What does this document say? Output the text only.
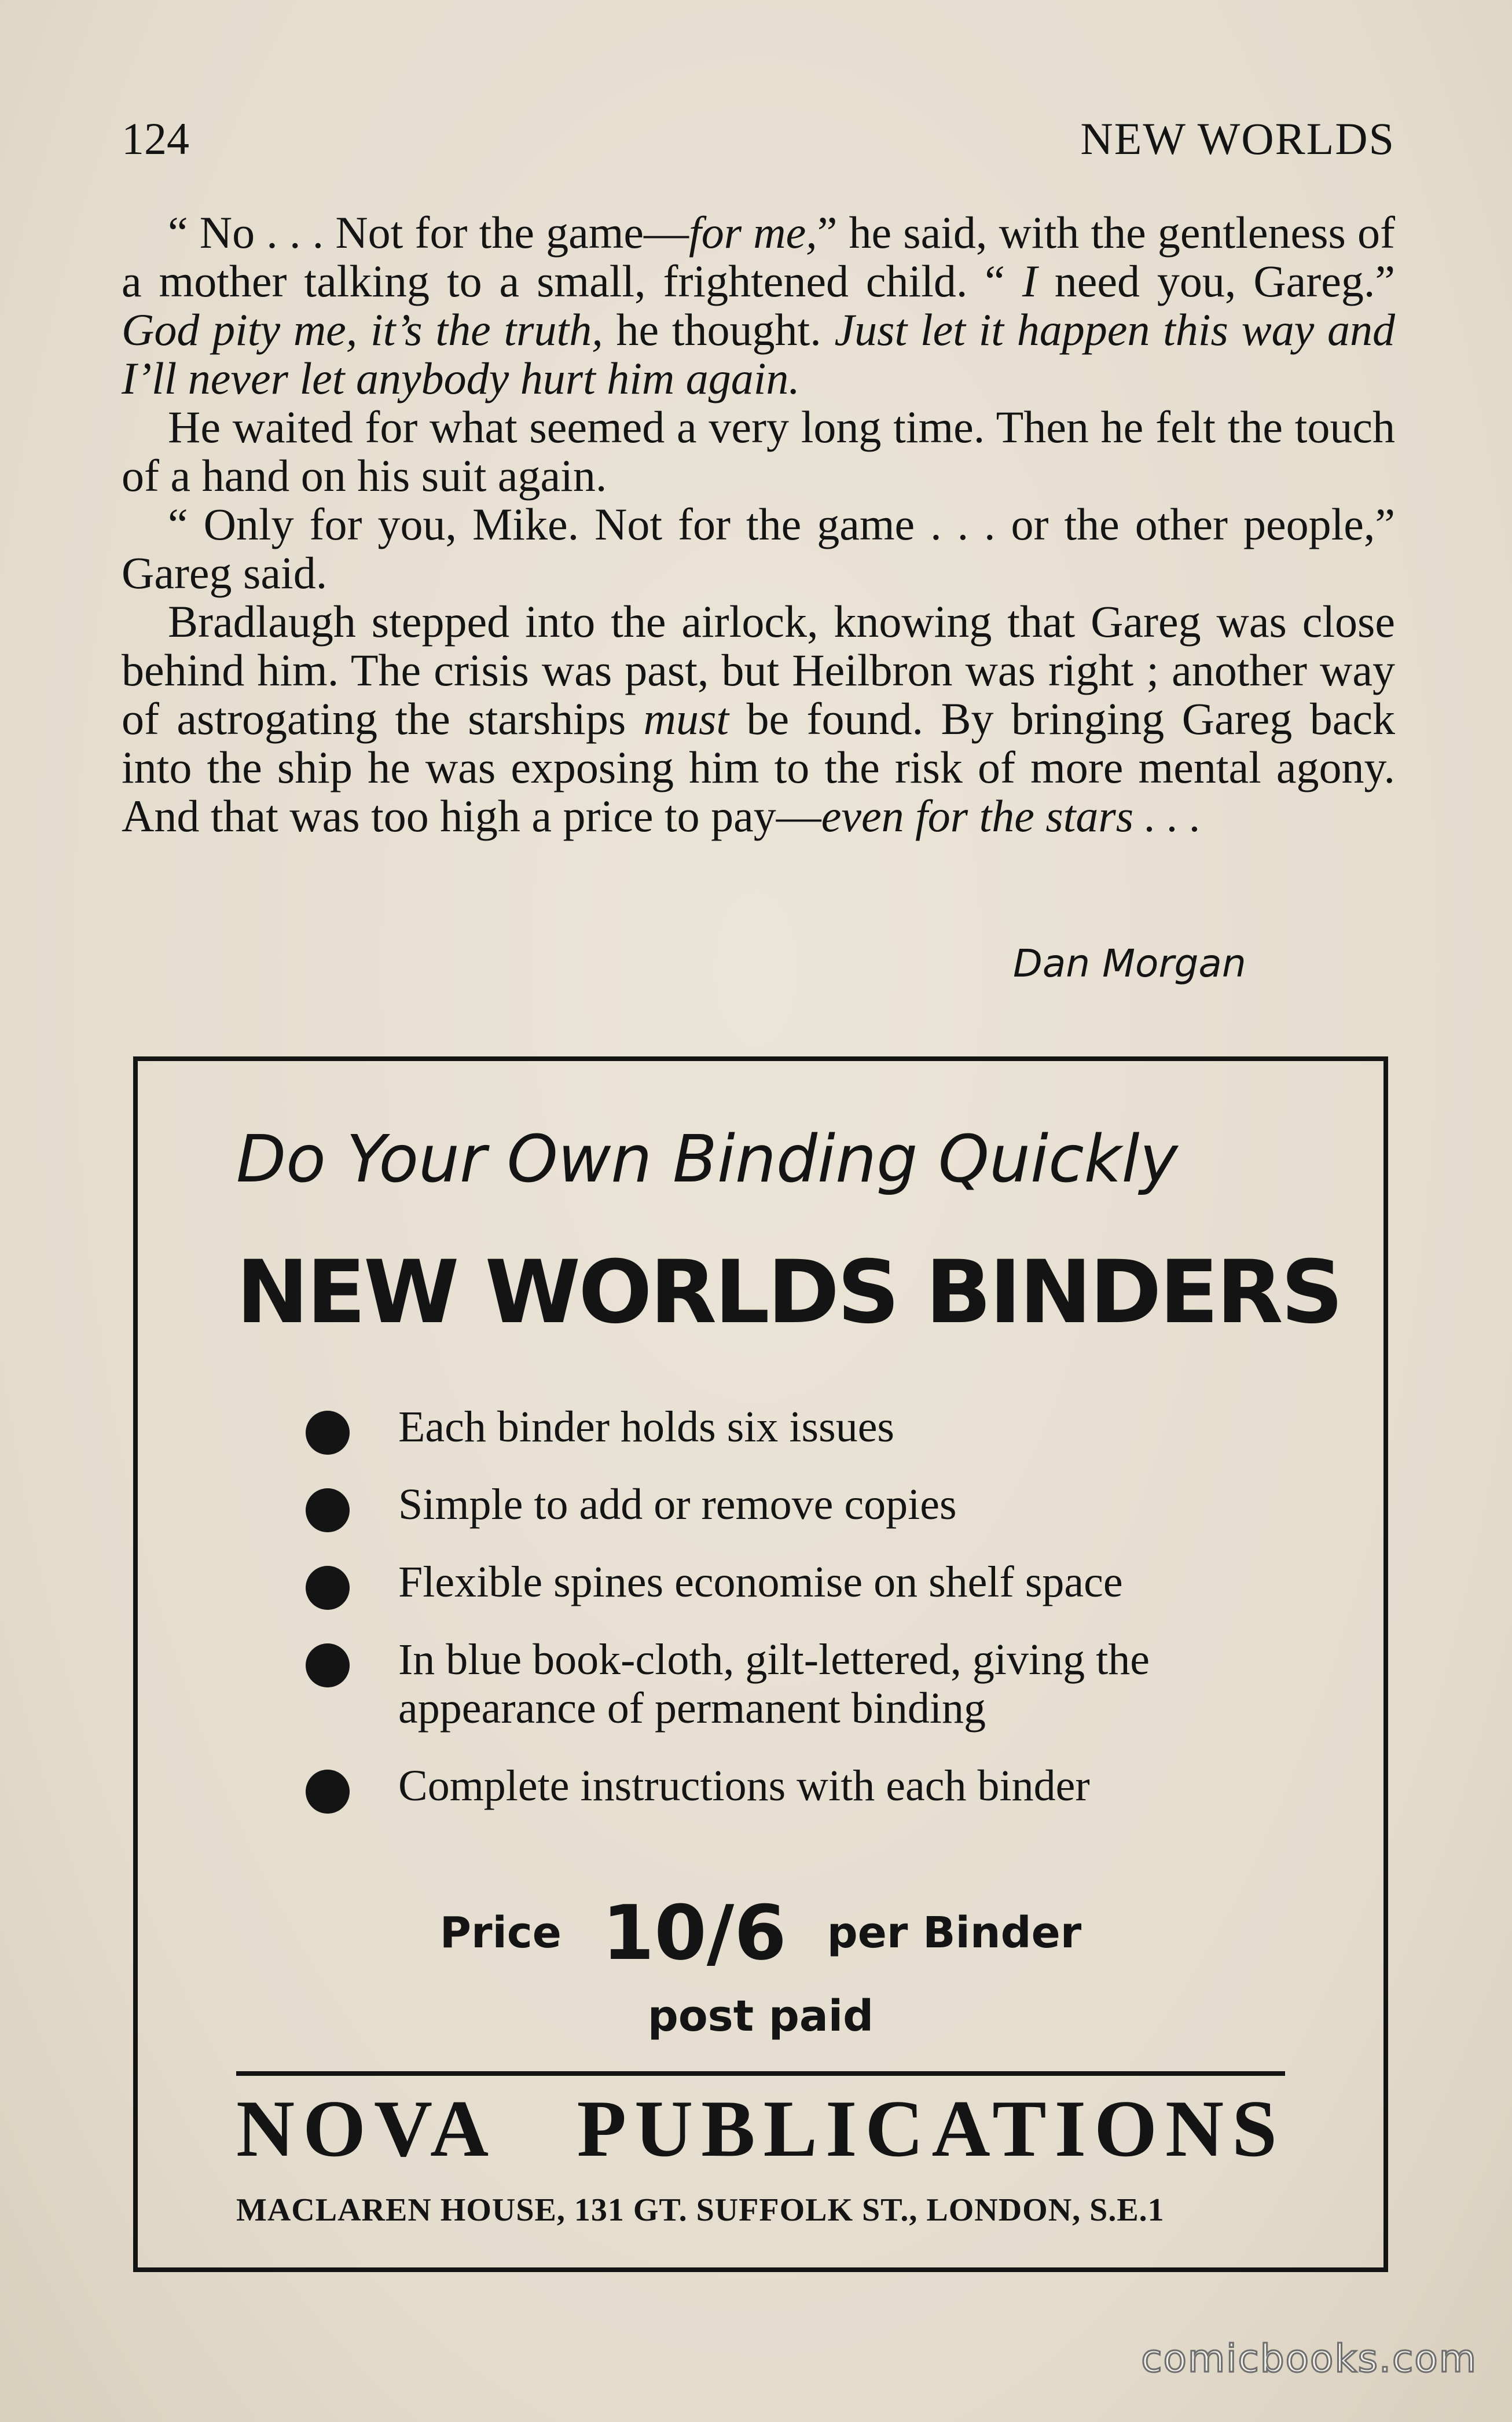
124	NEW WORLDS

“ No . . . Not for the game—for me,” he said, with the gentleness of a mother talking to a small, frightened child. “ I need you, Gareg.” God pity me, it’s the truth, he thought. Just let it happen this way and I’ll never let anybody hurt him again.

He waited for what seemed a very long time. Then he felt the touch of a hand on his suit again.

“ Only for you, Mike. Not for the game . . . or the other people,” Gareg said.

Bradlaugh stepped into the airlock, knowing that Gareg was close behind him. The crisis was past, but Heilbron was right ; another way of astrogating the starships must be found. By bringing Gareg back into the ship he was exposing him to the risk of more mental agony. And that was too high a price to pay—even for the stars . . .

Dan Morgan
Do Your Own Binding Quickly
NEW WORLDS BINDERS
Each binder holds six issues
Simple to add or remove copies
Flexible spines economise on shelf space
In blue book-cloth, gilt-lettered, giving the appearance of permanent binding
Complete instructions with each binder
Price 10/6 per Binder
post paid
NOVA PUBLICATIONS
MACLAREN HOUSE, 131 GT. SUFFOLK ST., LONDON, S.E.1
comicbooks.com
